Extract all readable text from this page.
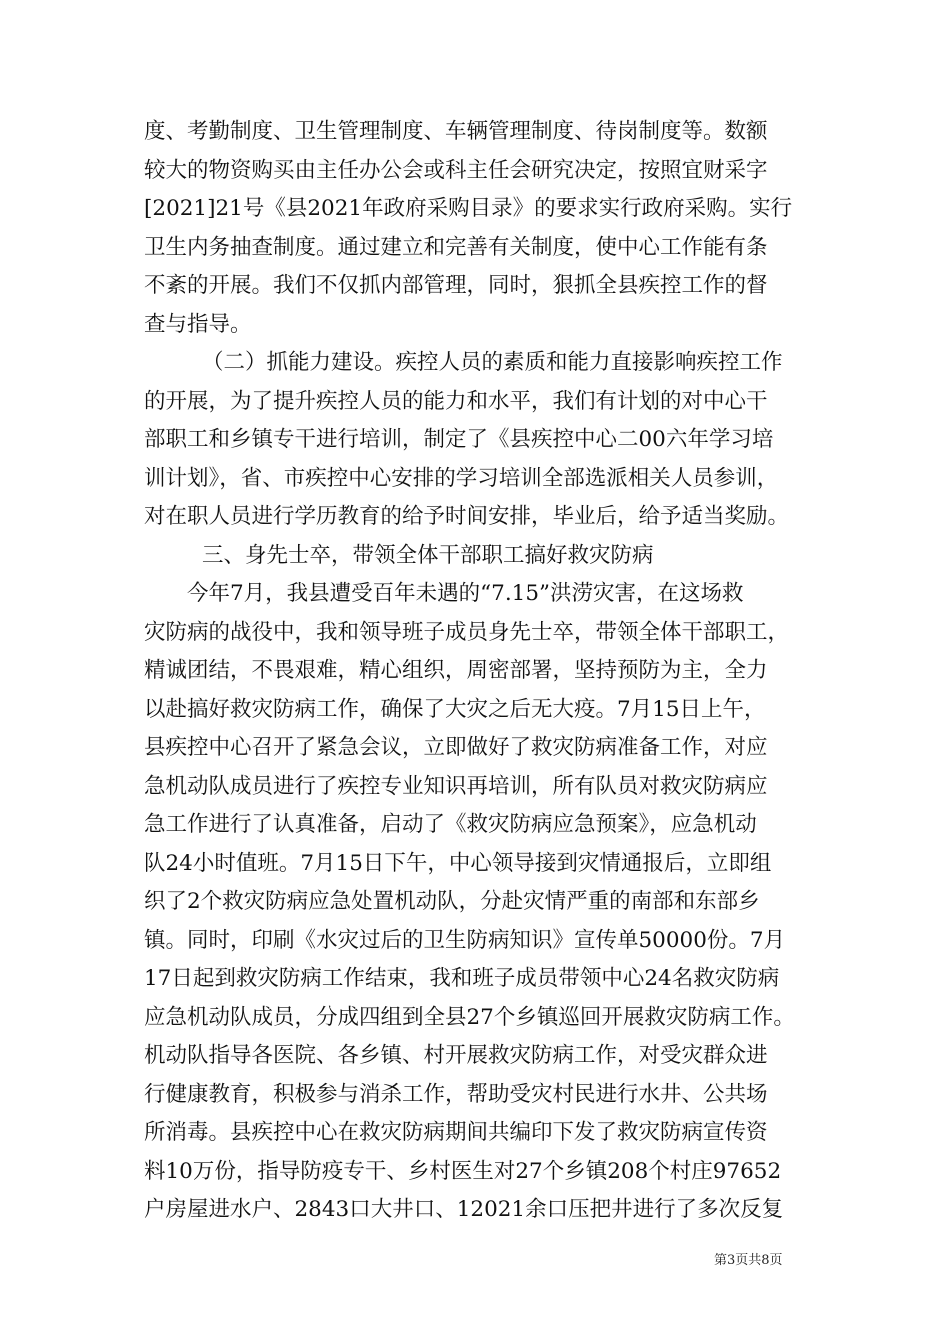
度、考勤制度、卫生管理制度、车辆管理制度、待岗制度等。数额
较大的物资购买由主任办公会或科主任会研究决定，按照宜财采字
[2021]21号《县2021年政府采购目录》的要求实行政府采购。实行
卫生内务抽查制度。通过建立和完善有关制度，使中心工作能有条
不紊的开展。我们不仅抓内部管理，同时，狠抓全县疾控工作的督
查与指导。
（二）抓能力建设。疾控人员的素质和能力直接影响疾控工作
的开展，为了提升疾控人员的能力和水平，我们有计划的对中心干
部职工和乡镇专干进行培训，制定了《县疾控中心二00六年学习培
训计划》，省、市疾控中心安排的学习培训全部选派相关人员参训，
对在职人员进行学历教育的给予时间安排，毕业后，给予适当奖励。
三、身先士卒，带领全体干部职工搞好救灾防病
今年7月，我县遭受百年未遇的“7.15”洪涝灾害，在这场救
灾防病的战役中，我和领导班子成员身先士卒，带领全体干部职工，
精诚团结，不畏艰难，精心组织，周密部署，坚持预防为主，全力
以赴搞好救灾防病工作，确保了大灾之后无大疫。7月15日上午，
县疾控中心召开了紧急会议，立即做好了救灾防病准备工作，对应
急机动队成员进行了疾控专业知识再培训，所有队员对救灾防病应
急工作进行了认真准备，启动了《救灾防病应急预案》，应急机动
队24小时值班。7月15日下午，中心领导接到灾情通报后，立即组
织了2个救灾防病应急处置机动队，分赴灾情严重的南部和东部乡
镇。同时，印刷《水灾过后的卫生防病知识》宣传单50000份。7月
17日起到救灾防病工作结束，我和班子成员带领中心24名救灾防病
应急机动队成员，分成四组到全县27个乡镇巡回开展救灾防病工作。
机动队指导各医院、各乡镇、村开展救灾防病工作，对受灾群众进
行健康教育，积极参与消杀工作，帮助受灾村民进行水井、公共场
所消毒。县疾控中心在救灾防病期间共编印下发了救灾防病宣传资
料10万份，指导防疫专干、乡村医生对27个乡镇208个村庄97652
户房屋进水户、2843口大井口、12021余口压把井进行了多次反复
第3页共8页
